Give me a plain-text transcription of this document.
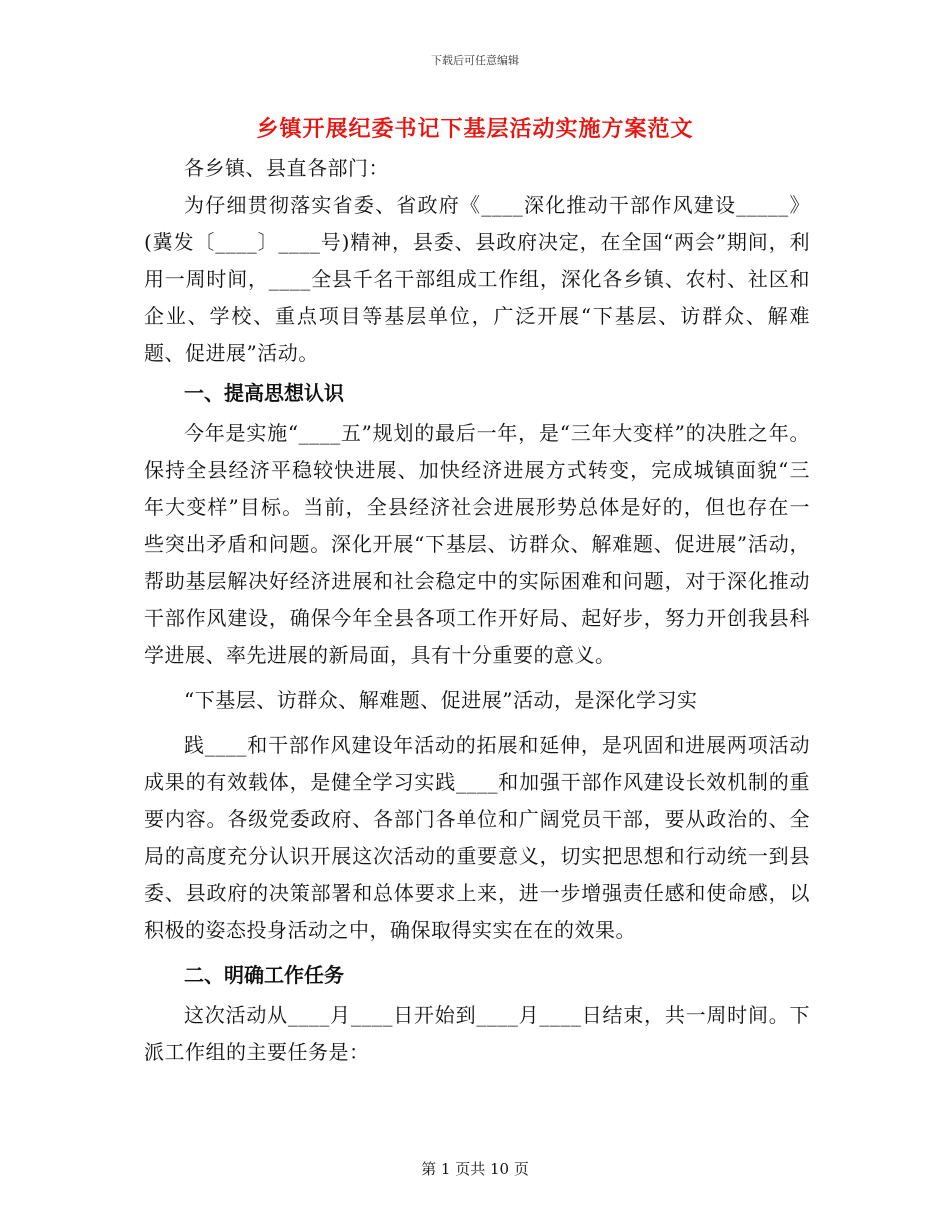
下载后可任意编辑
乡镇开展纪委书记下基层活动实施方案范文

各乡镇、县直各部门：

为仔细贯彻落实省委、省政府《____深化推动干部作风建设_____》(冀发〔____〕____号)精神，县委、县政府决定，在全国“两会”期间，利用一周时间，____全县千名干部组成工作组，深化各乡镇、农村、社区和企业、学校、重点项目等基层单位，广泛开展“下基层、访群众、解难题、促进展”活动。

一、提高思想认识

今年是实施“____五”规划的最后一年，是“三年大变样”的决胜之年。保持全县经济平稳较快进展、加快经济进展方式转变，完成城镇面貌“三年大变样”目标。当前，全县经济社会进展形势总体是好的，但也存在一些突出矛盾和问题。深化开展“下基层、访群众、解难题、促进展”活动，帮助基层解决好经济进展和社会稳定中的实际困难和问题，对于深化推动干部作风建设，确保今年全县各项工作开好局、起好步，努力开创我县科学进展、率先进展的新局面，具有十分重要的意义。

“下基层、访群众、解难题、促进展”活动，是深化学习实

践____和干部作风建设年活动的拓展和延伸，是巩固和进展两项活动成果的有效载体，是健全学习实践____和加强干部作风建设长效机制的重要内容。各级党委政府、各部门各单位和广阔党员干部，要从政治的、全局的高度充分认识开展这次活动的重要意义，切实把思想和行动统一到县委、县政府的决策部署和总体要求上来，进一步增强责任感和使命感，以积极的姿态投身活动之中，确保取得实实在在的效果。

二、明确工作任务

这次活动从____月____日开始到____月____日结束，共一周时间。下派工作组的主要任务是：

第 1 页共 10 页
